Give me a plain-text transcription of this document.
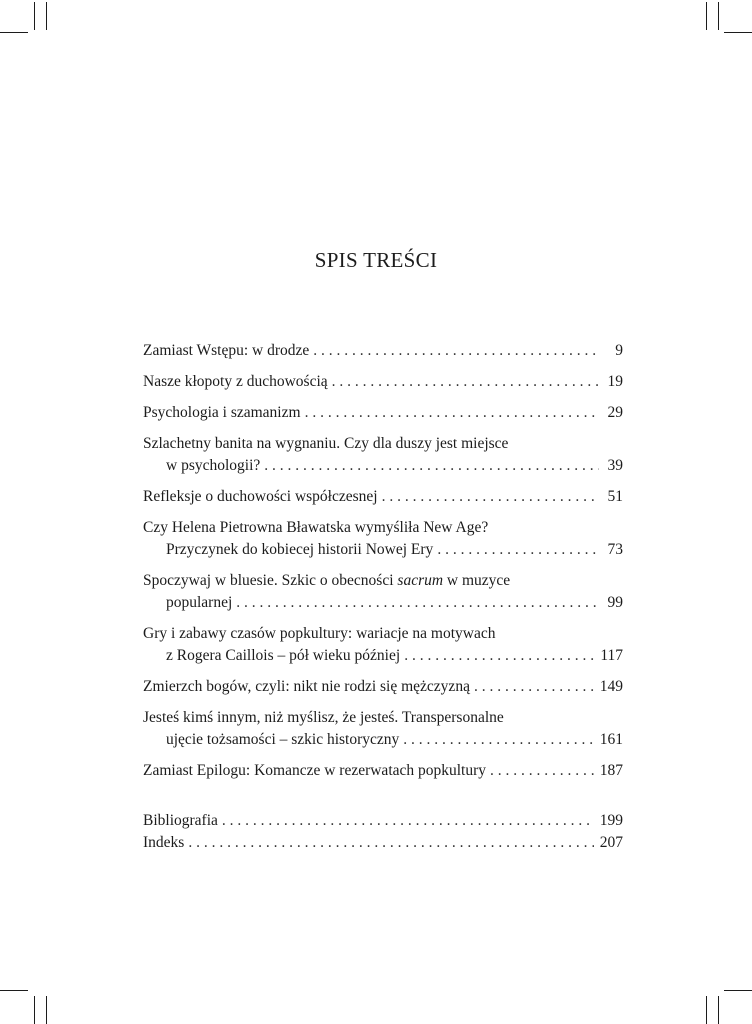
SPIS TREŚCI
Zamiast Wstępu: w drodze . . .	9
Nasze kłopoty z duchowością . . .	19
Psychologia i szamanizm . . .	29
Szlachetny banita na wygnaniu. Czy dla duszy jest miejsce
w psychologii? . . .	39
Refleksje o duchowości współczesnej . . .	51
Czy Helena Pietrowna Bławatska wymyśliła New Age?
Przyczynek do kobiecej historii Nowej Ery . . .	73
Spoczywaj w bluesie. Szkic o obecności sacrum w muzyce
popularnej . . .	99
Gry i zabawy czasów popkultury: wariacje na motywach
z Rogera Caillois – pół wieku później . . .	117
Zmierzch bogów, czyli: nikt nie rodzi się mężczyzną . . .	149
Jesteś kimś innym, niż myślisz, że jesteś. Transpersonalne
ujęcie tożsamości – szkic historyczny . . .	161
Zamiast Epilogu: Komancze w rezerwatach popkultury . . .	187
Bibliografia . . .	199
Indeks . . .	207
